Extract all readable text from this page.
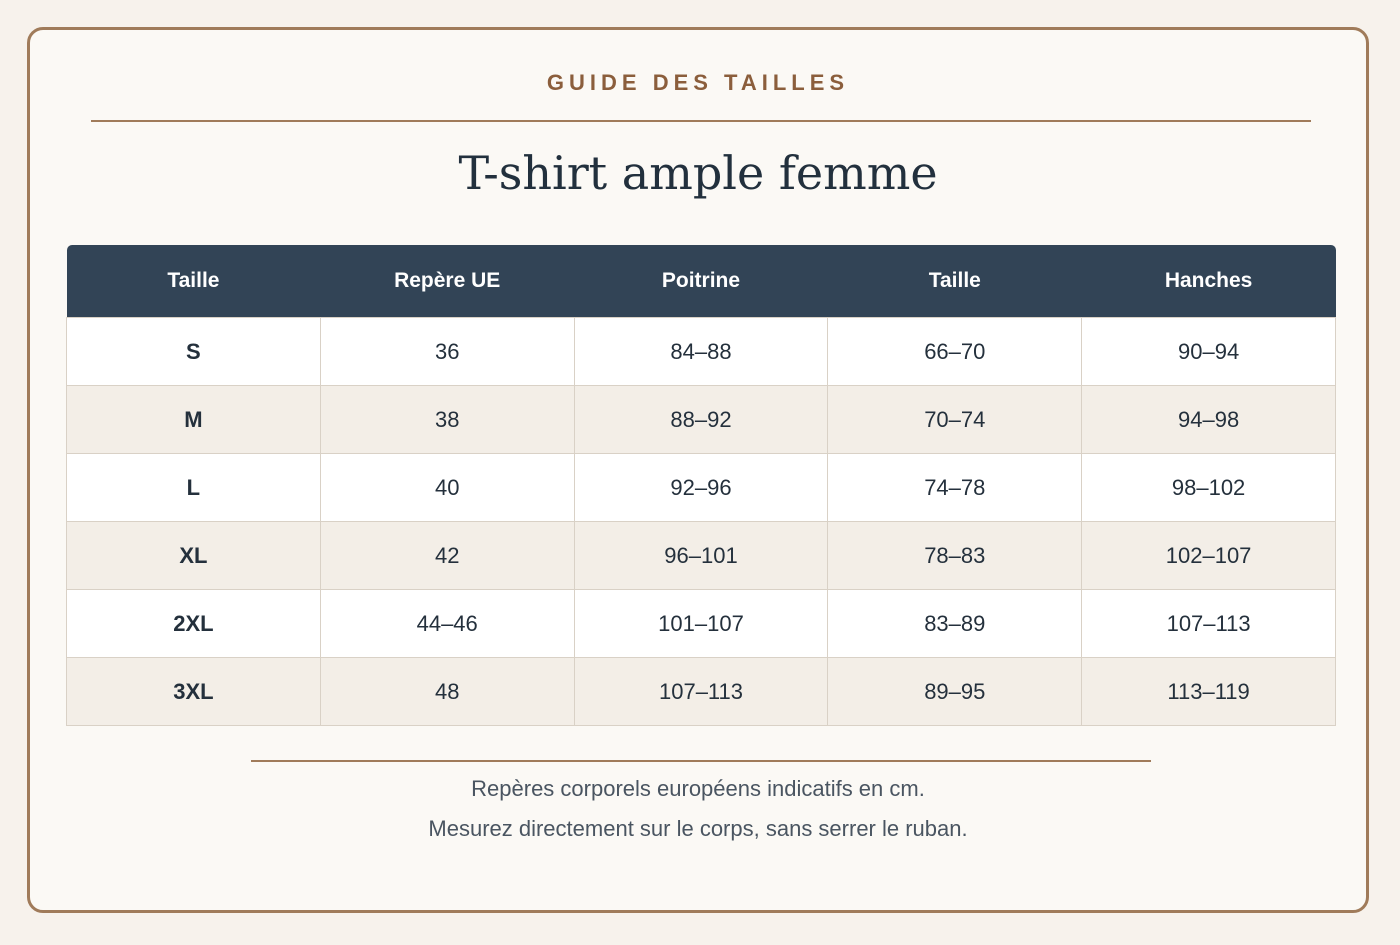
GUIDE DES TAILLES
T-shirt ample femme
Taille	Repère UE	Poitrine	Taille	Hanches
S	36	84–88	66–70	90–94
M	38	88–92	70–74	94–98
L	40	92–96	74–78	98–102
XL	42	96–101	78–83	102–107
2XL	44–46	101–107	83–89	107–113
3XL	48	107–113	89–95	113–119
Repères corporels européens indicatifs en cm.
Mesurez directement sur le corps, sans serrer le ruban.
